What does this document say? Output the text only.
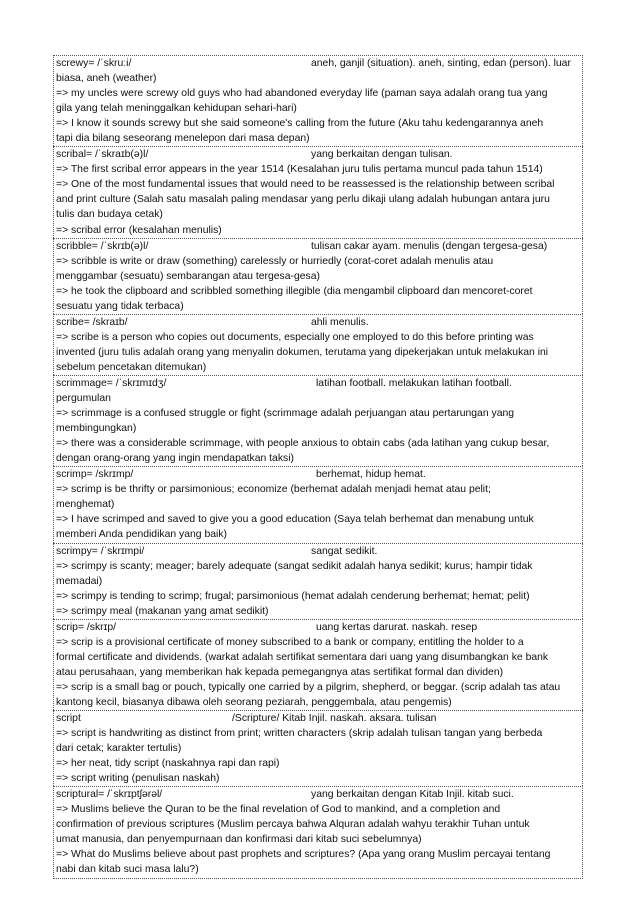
screwy= /ˈskruːi/	aneh, ganjil (situation). aneh, sinting, edan (person). luar
biasa, aneh (weather)
=> my uncles were screwy old guys who had abandoned everyday life (paman saya adalah orang tua yang
gila yang telah meninggalkan kehidupan sehari-hari)
=> I know it sounds screwy but she said someone's calling from the future (Aku tahu kedengarannya aneh
tapi dia bilang seseorang menelepon dari masa depan)
scribal= /ˈskraɪb(ə)l/	yang berkaitan dengan tulisan.
=> The first scribal error appears in the year 1514 (Kesalahan juru tulis pertama muncul pada tahun 1514)
=> One of the most fundamental issues that would need to be reassessed is the relationship between scribal
and print culture (Salah satu masalah paling mendasar yang perlu dikaji ulang adalah hubungan antara juru
tulis dan budaya cetak)
=> scribal error (kesalahan menulis)
scribble= /ˈskrɪb(ə)l/	tulisan cakar ayam. menulis (dengan tergesa-gesa)
=> scribble is write or draw (something) carelessly or hurriedly (corat-coret adalah menulis atau
menggambar (sesuatu) sembarangan atau tergesa-gesa)
=> he took the clipboard and scribbled something illegible (dia mengambil clipboard dan mencoret-coret
sesuatu yang tidak terbaca)
scribe= /skraɪb/	ahli menulis.
=> scribe is a person who copies out documents, especially one employed to do this before printing was
invented (juru tulis adalah orang yang menyalin dokumen, terutama yang dipekerjakan untuk melakukan ini
sebelum pencetakan ditemukan)
scrimmage= /ˈskrɪmɪdʒ/	latihan football. melakukan latihan football.
pergumulan
=> scrimmage is a confused struggle or fight (scrimmage adalah perjuangan atau pertarungan yang
membingungkan)
=> there was a considerable scrimmage, with people anxious to obtain cabs (ada latihan yang cukup besar,
dengan orang-orang yang ingin mendapatkan taksi)
scrimp= /skrɪmp/	berhemat, hidup hemat.
=> scrimp is be thrifty or parsimonious; economize (berhemat adalah menjadi hemat atau pelit;
menghemat)
=> I have scrimped and saved to give you a good education (Saya telah berhemat dan menabung untuk
memberi Anda pendidikan yang baik)
scrimpy= /ˈskrɪmpi/	sangat sedikit.
=> scrimpy is scanty; meager; barely adequate (sangat sedikit adalah hanya sedikit; kurus; hampir tidak
memadai)
=> scrimpy is tending to scrimp; frugal; parsimonious (hemat adalah cenderung berhemat; hemat; pelit)
=> scrimpy meal (makanan yang amat sedikit)
scrip= /skrɪp/	uang kertas darurat. naskah. resep
=> scrip is a provisional certificate of money subscribed to a bank or company, entitling the holder to a
formal certificate and dividends. (warkat adalah sertifikat sementara dari uang yang disumbangkan ke bank
atau perusahaan, yang memberikan hak kepada pemegangnya atas sertifikat formal dan dividen)
=> scrip is a small bag or pouch, typically one carried by a pilgrim, shepherd, or beggar. (scrip adalah tas atau
kantong kecil, biasanya dibawa oleh seorang peziarah, penggembala, atau pengemis)
script	/Scripture/ Kitab Injil. naskah. aksara. tulisan
=> script is handwriting as distinct from print; written characters (skrip adalah tulisan tangan yang berbeda
dari cetak; karakter tertulis)
=> her neat, tidy script (naskahnya rapi dan rapi)
=> script writing (penulisan naskah)
scriptural= /ˈskrɪptʃərəl/	yang berkaitan dengan Kitab Injil. kitab suci.
=> Muslims believe the Quran to be the final revelation of God to mankind, and a completion and
confirmation of previous scriptures (Muslim percaya bahwa Alquran adalah wahyu terakhir Tuhan untuk
umat manusia, dan penyempurnaan dan konfirmasi dari kitab suci sebelumnya)
=> What do Muslims believe about past prophets and scriptures? (Apa yang orang Muslim percayai tentang
nabi dan kitab suci masa lalu?)
